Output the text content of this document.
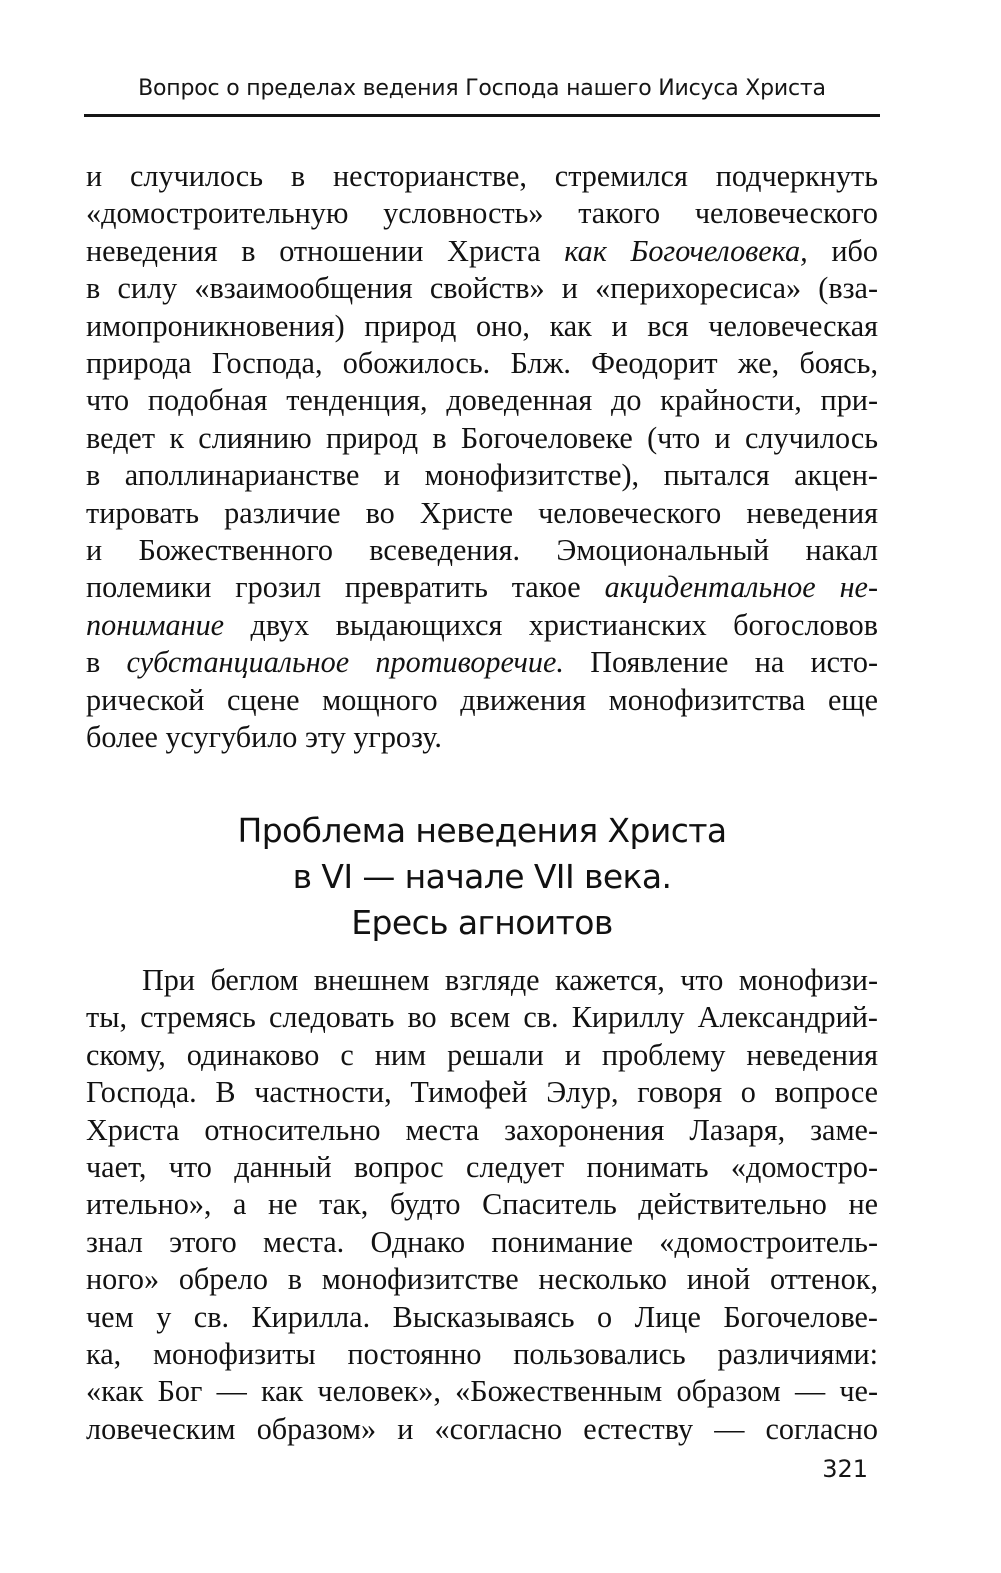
Вопрос о пределах ведения Господа нашего Иисуса Христа

и случилось в несторианстве, стремился подчеркнуть
«домостроительную условность» такого человеческого
неведения в отношении Христа как Богочеловека, ибо
в силу «взаимообщения свойств» и «перихоресиса» (вза-
имопроникновения) природ оно, как и вся человеческая
природа Господа, обожилось. Блж. Феодорит же, боясь,
что подобная тенденция, доведенная до крайности, при-
ведет к слиянию природ в Богочеловеке (что и случилось
в аполлинарианстве и монофизитстве), пытался акцен-
тировать различие во Христе человеческого неведения
и Божественного всеведения. Эмоциональный накал
полемики грозил превратить такое акцидентальное не-
понимание двух выдающихся христианских богословов
в субстанциальное противоречие. Появление на исто-
рической сцене мощного движения монофизитства еще
более усугубило эту угрозу.

Проблема неведения Христа
в VI — начале VII века.
Ересь агноитов

При беглом внешнем взгляде кажется, что монофизи-
ты, стремясь следовать во всем св. Кириллу Александрий-
скому, одинаково с ним решали и проблему неведения
Господа. В частности, Тимофей Элур, говоря о вопросе
Христа относительно места захоронения Лазаря, заме-
чает, что данный вопрос следует понимать «домостро-
ительно», а не так, будто Спаситель действительно не
знал этого места. Однако понимание «домостроитель-
ного» обрело в монофизитстве несколько иной оттенок,
чем у св. Кирилла. Высказываясь о Лице Богочелове-
ка, монофизиты постоянно пользовались различиями:
«как Бог — как человек», «Божественным образом — че-
ловеческим образом» и «согласно естеству — согласно

321
